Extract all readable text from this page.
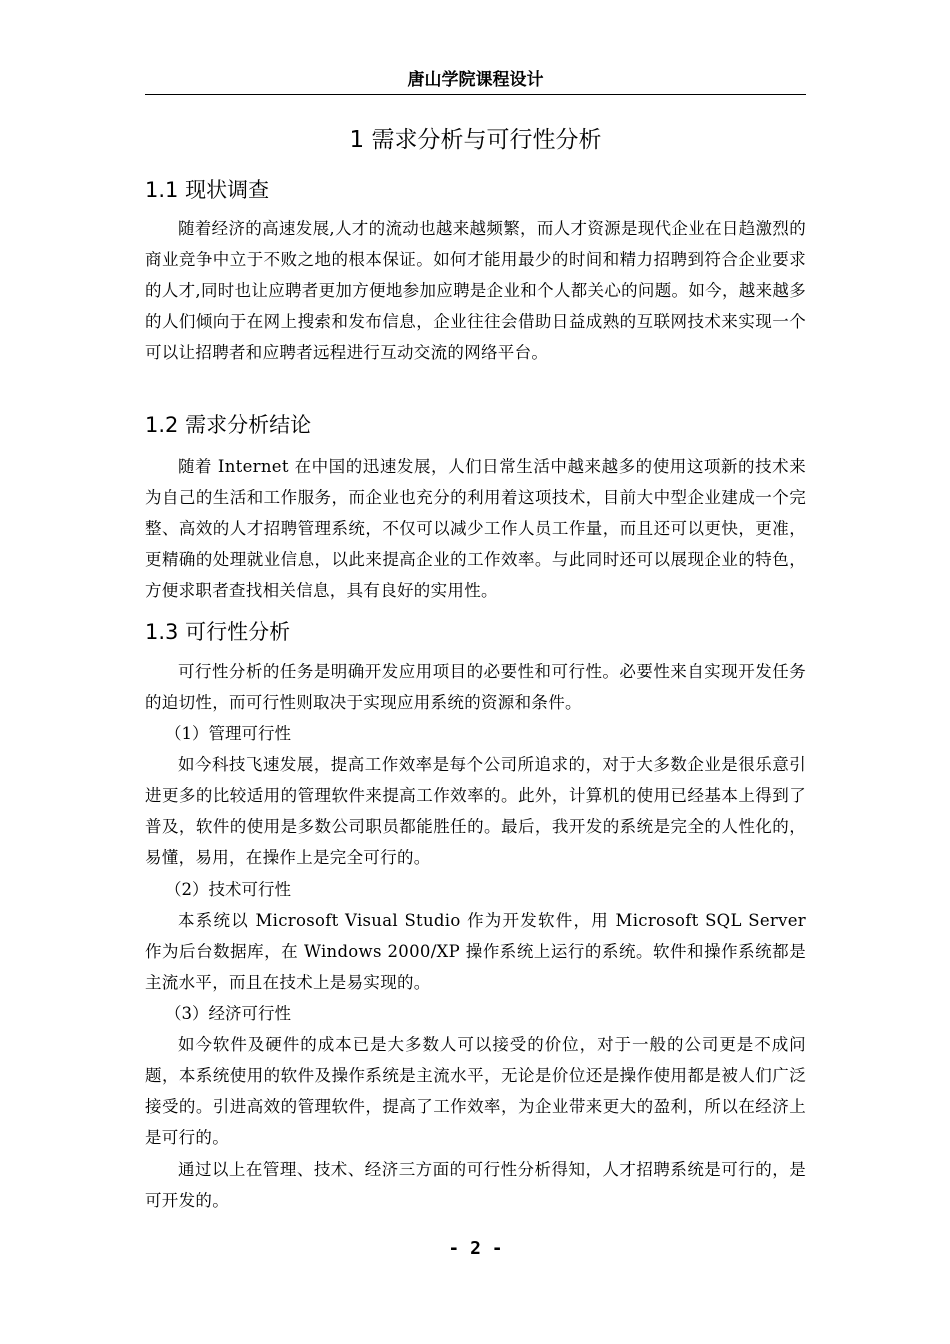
唐山学院课程设计
1 需求分析与可行性分析
1.1 现状调查
随着经济的高速发展,人才的流动也越来越频繁，而人才资源是现代企业在日趋激烈的商业竞争中立于不败之地的根本保证。如何才能用最少的时间和精力招聘到符合企业要求的人才,同时也让应聘者更加方便地参加应聘是企业和个人都关心的问题。如今，越来越多的人们倾向于在网上搜索和发布信息，企业往往会借助日益成熟的互联网技术来实现一个可以让招聘者和应聘者远程进行互动交流的网络平台。
1.2 需求分析结论
随着 Internet 在中国的迅速发展，人们日常生活中越来越多的使用这项新的技术来为自己的生活和工作服务，而企业也充分的利用着这项技术，目前大中型企业建成一个完整、高效的人才招聘管理系统，不仅可以减少工作人员工作量，而且还可以更快，更准，更精确的处理就业信息，以此来提高企业的工作效率。与此同时还可以展现企业的特色，方便求职者查找相关信息，具有良好的实用性。
1.3 可行性分析
可行性分析的任务是明确开发应用项目的必要性和可行性。必要性来自实现开发任务的迫切性，而可行性则取决于实现应用系统的资源和条件。
（1）管理可行性
如今科技飞速发展，提高工作效率是每个公司所追求的，对于大多数企业是很乐意引进更多的比较适用的管理软件来提高工作效率的。此外，计算机的使用已经基本上得到了普及，软件的使用是多数公司职员都能胜任的。最后，我开发的系统是完全的人性化的，易懂，易用，在操作上是完全可行的。
（2）技术可行性
本系统以 Microsoft Visual Studio 作为开发软件，用 Microsoft SQL Server 作为后台数据库，在 Windows 2000/XP 操作系统上运行的系统。软件和操作系统都是主流水平，而且在技术上是易实现的。
（3）经济可行性
如今软件及硬件的成本已是大多数人可以接受的价位，对于一般的公司更是不成问题，本系统使用的软件及操作系统是主流水平，无论是价位还是操作使用都是被人们广泛接受的。引进高效的管理软件，提高了工作效率，为企业带来更大的盈利，所以在经济上是可行的。
通过以上在管理、技术、经济三方面的可行性分析得知，人才招聘系统是可行的，是可开发的。
- 2 -
